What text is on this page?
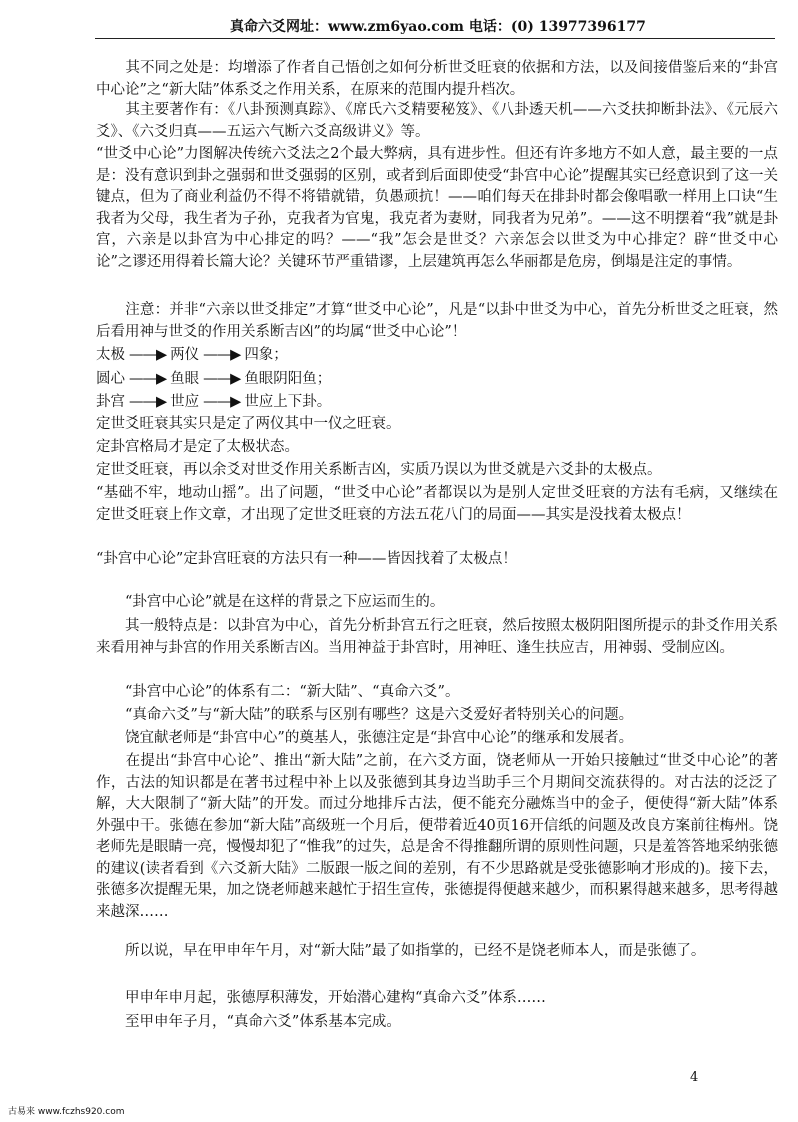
真命六爻网址：www.zm6yao.com 电话：(0) 13977396177

　　其不同之处是：均增添了作者自己悟创之如何分析世爻旺衰的依据和方法，以及间接借鉴后来的“卦宫中心论”之“新大陆”体系爻之作用关系，在原来的范围内提升档次。

　　其主要著作有：《八卦预测真踪》、《席氏六爻精要秘笈》、《八卦透天机——六爻扶抑断卦法》、《元辰六爻》、《六爻归真——五运六气断六爻高级讲义》等。

“世爻中心论”力图解决传统六爻法之2个最大弊病，具有进步性。但还有许多地方不如人意，最主要的一点是：没有意识到卦之强弱和世爻强弱的区别，或者到后面即使受“卦宫中心论”提醒其实已经意识到了这一关键点，但为了商业利益仍不得不将错就错，负愚顽抗！——咱们每天在排卦时都会像唱歌一样用上口诀“生我者为父母，我生者为子孙，克我者为官鬼，我克者为妻财，同我者为兄弟”。——这不明摆着“我”就是卦宫，六亲是以卦宫为中心排定的吗？——“我”怎会是世爻？六亲怎会以世爻为中心排定？辟“世爻中心论”之谬还用得着长篇大论？关键环节严重错谬，上层建筑再怎么华丽都是危房，倒塌是注定的事情。

　　注意：并非“六亲以世爻排定”才算“世爻中心论”，凡是“以卦中世爻为中心，首先分析世爻之旺衰，然后看用神与世爻的作用关系断吉凶”的均属“世爻中心论”！

太极 ——▶ 两仪 ——▶ 四象；
圆心 ——▶ 鱼眼 ——▶ 鱼眼阴阳鱼；
卦宫 ——▶ 世应 ——▶ 世应上下卦。
定世爻旺衰其实只是定了两仪其中一仪之旺衰。
定卦宫格局才是定了太极状态。

定世爻旺衰，再以余爻对世爻作用关系断吉凶，实质乃误以为世爻就是六爻卦的太极点。

“基础不牢，地动山摇”。出了问题，“世爻中心论”者都误以为是别人定世爻旺衰的方法有毛病，又继续在定世爻旺衰上作文章，才出现了定世爻旺衰的方法五花八门的局面——其实是没找着太极点！

“卦宫中心论”定卦宫旺衰的方法只有一种——皆因找着了太极点！

　　“卦宫中心论”就是在这样的背景之下应运而生的。

　　其一般特点是：以卦宫为中心，首先分析卦宫五行之旺衰，然后按照太极阴阳图所提示的卦爻作用关系来看用神与卦宫的作用关系断吉凶。当用神益于卦宫时，用神旺、逢生扶应吉，用神弱、受制应凶。

　　“卦宫中心论”的体系有二：“新大陆”、“真命六爻”。

　　“真命六爻”与“新大陆”的联系与区别有哪些？这是六爻爱好者特别关心的问题。

　　饶宜献老师是“卦宫中心”的奠基人，张德注定是“卦宫中心论”的继承和发展者。

　　在提出“卦宫中心论”、推出“新大陆”之前，在六爻方面，饶老师从一开始只接触过“世爻中心论”的著作，古法的知识都是在著书过程中补上以及张德到其身边当助手三个月期间交流获得的。对古法的泛泛了解，大大限制了“新大陆”的开发。而过分地排斥古法，便不能充分融炼当中的金子，便使得“新大陆”体系外强中干。张德在参加“新大陆”高级班一个月后，便带着近40页16开信纸的问题及改良方案前往梅州。饶老师先是眼睛一亮，慢慢却犯了“惟我”的过失，总是舍不得推翻所谓的原则性问题，只是羞答答地采纳张德的建议(读者看到《六爻新大陆》二版跟一版之间的差别，有不少思路就是受张德影响才形成的)。接下去，张德多次提醒无果，加之饶老师越来越忙于招生宣传，张德提得便越来越少，而积累得越来越多，思考得越来越深……

　　所以说，早在甲申年午月，对“新大陆”最了如指掌的，已经不是饶老师本人，而是张德了。

　　甲申年申月起，张德厚积薄发，开始潜心建构“真命六爻”体系……

　　至甲申年子月，“真命六爻”体系基本完成。

4
古易来 www.fczhs920.com
